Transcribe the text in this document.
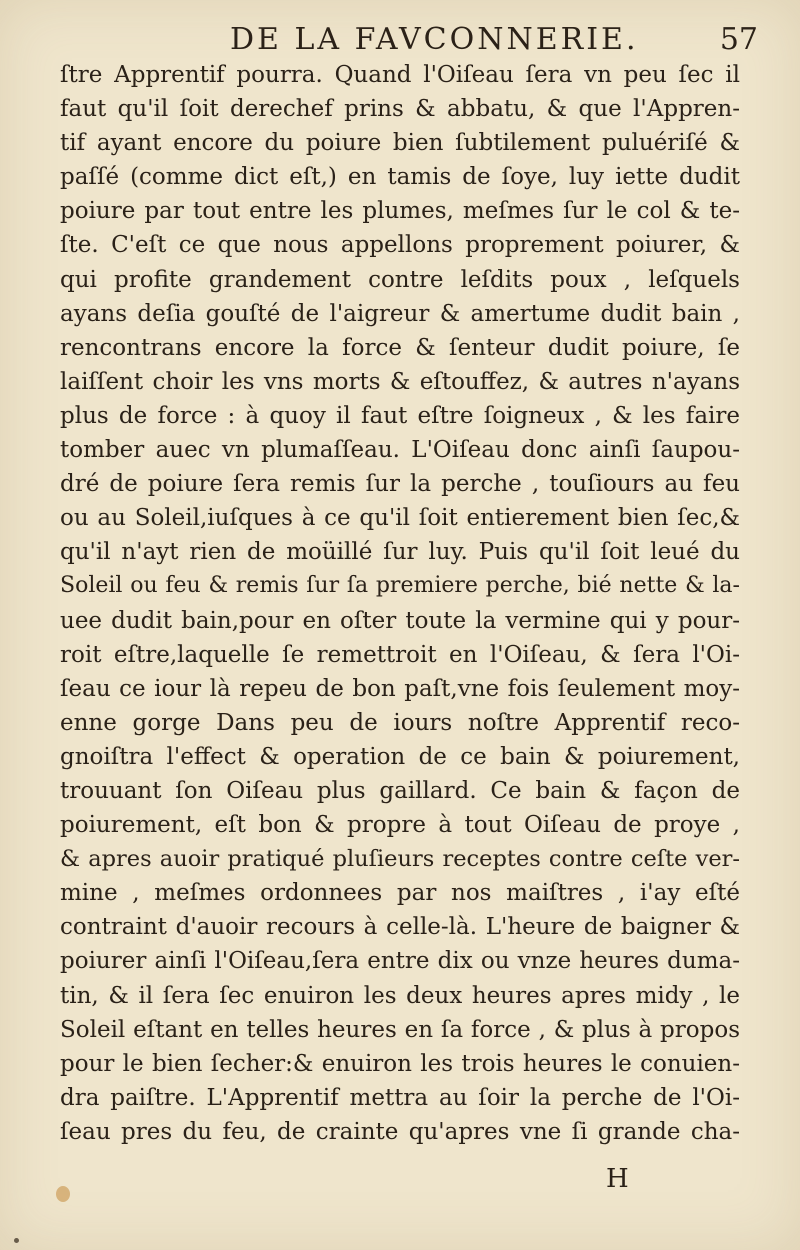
DE LA FAVCONNERIE.	57
ſtre Apprentif pourra. Quand l'Oiſeau ſera vn peu ſec il
faut qu'il ſoit derechef prins & abbatu, & que l'Appren-
tif ayant encore du poiure bien ſubtilement puluériſé &
paſſé (comme dict eſt,) en tamis de ſoye, luy iette dudit
poiure par tout entre les plumes, meſmes ſur le col & te-
ſte. C'eſt ce que nous appellons proprement poiurer, &
qui profite grandement contre leſdits poux , leſquels
ayans deſia gouſté de l'aigreur & amertume dudit bain ,
rencontrans encore la force & ſenteur dudit poiure, ſe
laiſſent choir les vns morts & eſtouffez, & autres n'ayans
plus de force : à quoy il faut eſtre ſoigneux , & les faire
tomber auec vn plumaſſeau. L'Oiſeau donc ainſi ſaupou-
dré de poiure ſera remis ſur la perche , touſiours au feu
ou au Soleil,iuſques à ce qu'il ſoit entierement bien ſec,&
qu'il n'ayt rien de moüillé ſur luy. Puis qu'il ſoit leué du
Soleil ou feu & remis ſur ſa premiere perche, bié nette & la-
uee dudit bain,pour en oſter toute la vermine qui y pour-
roit eſtre,laquelle ſe remettroit en l'Oiſeau, & ſera l'Oi-
ſeau ce iour là repeu de bon paſt,vne fois ſeulement moy-
enne gorge Dans peu de iours noſtre Apprentif reco-
gnoiſtra l'effect & operation de ce bain & poiurement,
trouuant ſon Oiſeau plus gaillard. Ce bain & façon de
poiurement, eſt bon & propre à tout Oiſeau de proye ,
& apres auoir pratiqué pluſieurs receptes contre ceſte ver-
mine , meſmes ordonnees par nos maiſtres , i'ay eſté
contraint d'auoir recours à celle-là. L'heure de baigner &
poiurer ainſi l'Oiſeau,ſera entre dix ou vnze heures duma-
tin, & il ſera ſec enuiron les deux heures apres midy , le
Soleil eſtant en telles heures en ſa force , & plus à propos
pour le bien ſecher:& enuiron les trois heures le conuien-
dra paiſtre. L'Apprentif mettra au ſoir la perche de l'Oi-
ſeau pres du feu, de crainte qu'apres vne ſi grande cha-
H
